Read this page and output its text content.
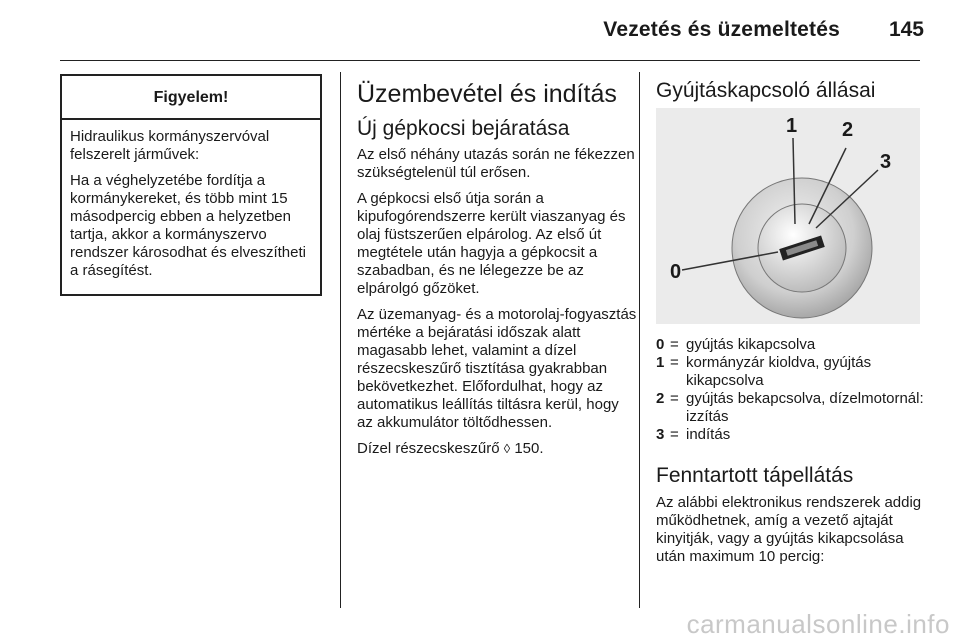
Vezetés és üzemeltetés	145
Figyelem!

Hidraulikus kormányszervóval felszerelt járművek:

Ha a véghelyzetébe fordítja a kormánykereket, és több mint 15 másodpercig ebben a helyzetben tartja, akkor a kormányszervo rendszer károsodhat és elveszítheti a rásegítést.

Üzembevétel és indítás
Új gépkocsi bejáratása

Az első néhány utazás során ne fékezzen szükségtelenül túl erősen.

A gépkocsi első útja során a kipufogórendszerre került viaszanyag és olaj füstszerűen elpárolog. Az első út megtétele után hagyja a gépkocsit a szabadban, és ne lélegezze be az elpárolgó gőzöket.

Az üzemanyag- és a motorolaj-fogyasztás mértéke a bejáratási időszak alatt magasabb lehet, valamint a dízel részecskeszűrő tisztítása gyakrabban bekövetkezhet. Előfordulhat, hogy az automatikus leállítás tiltásra kerül, hogy az akkumulátor töltődhessen.

Dízel részecskeszűrő ◊ 150.

Gyújtáskapcsoló állásai
0
1 2
3
0 = gyújtás kikapcsolva
1 = kormányzár kioldva, gyújtás kikapcsolva
2 = gyújtás bekapcsolva, dízelmotornál: izzítás
3 = indítás
Fenntartott tápellátás

Az alábbi elektronikus rendszerek addig működhetnek, amíg a vezető ajtaját kinyitják, vagy a gyújtás kikapcsolása után maximum 10 percig:

carmanualsonline.info
